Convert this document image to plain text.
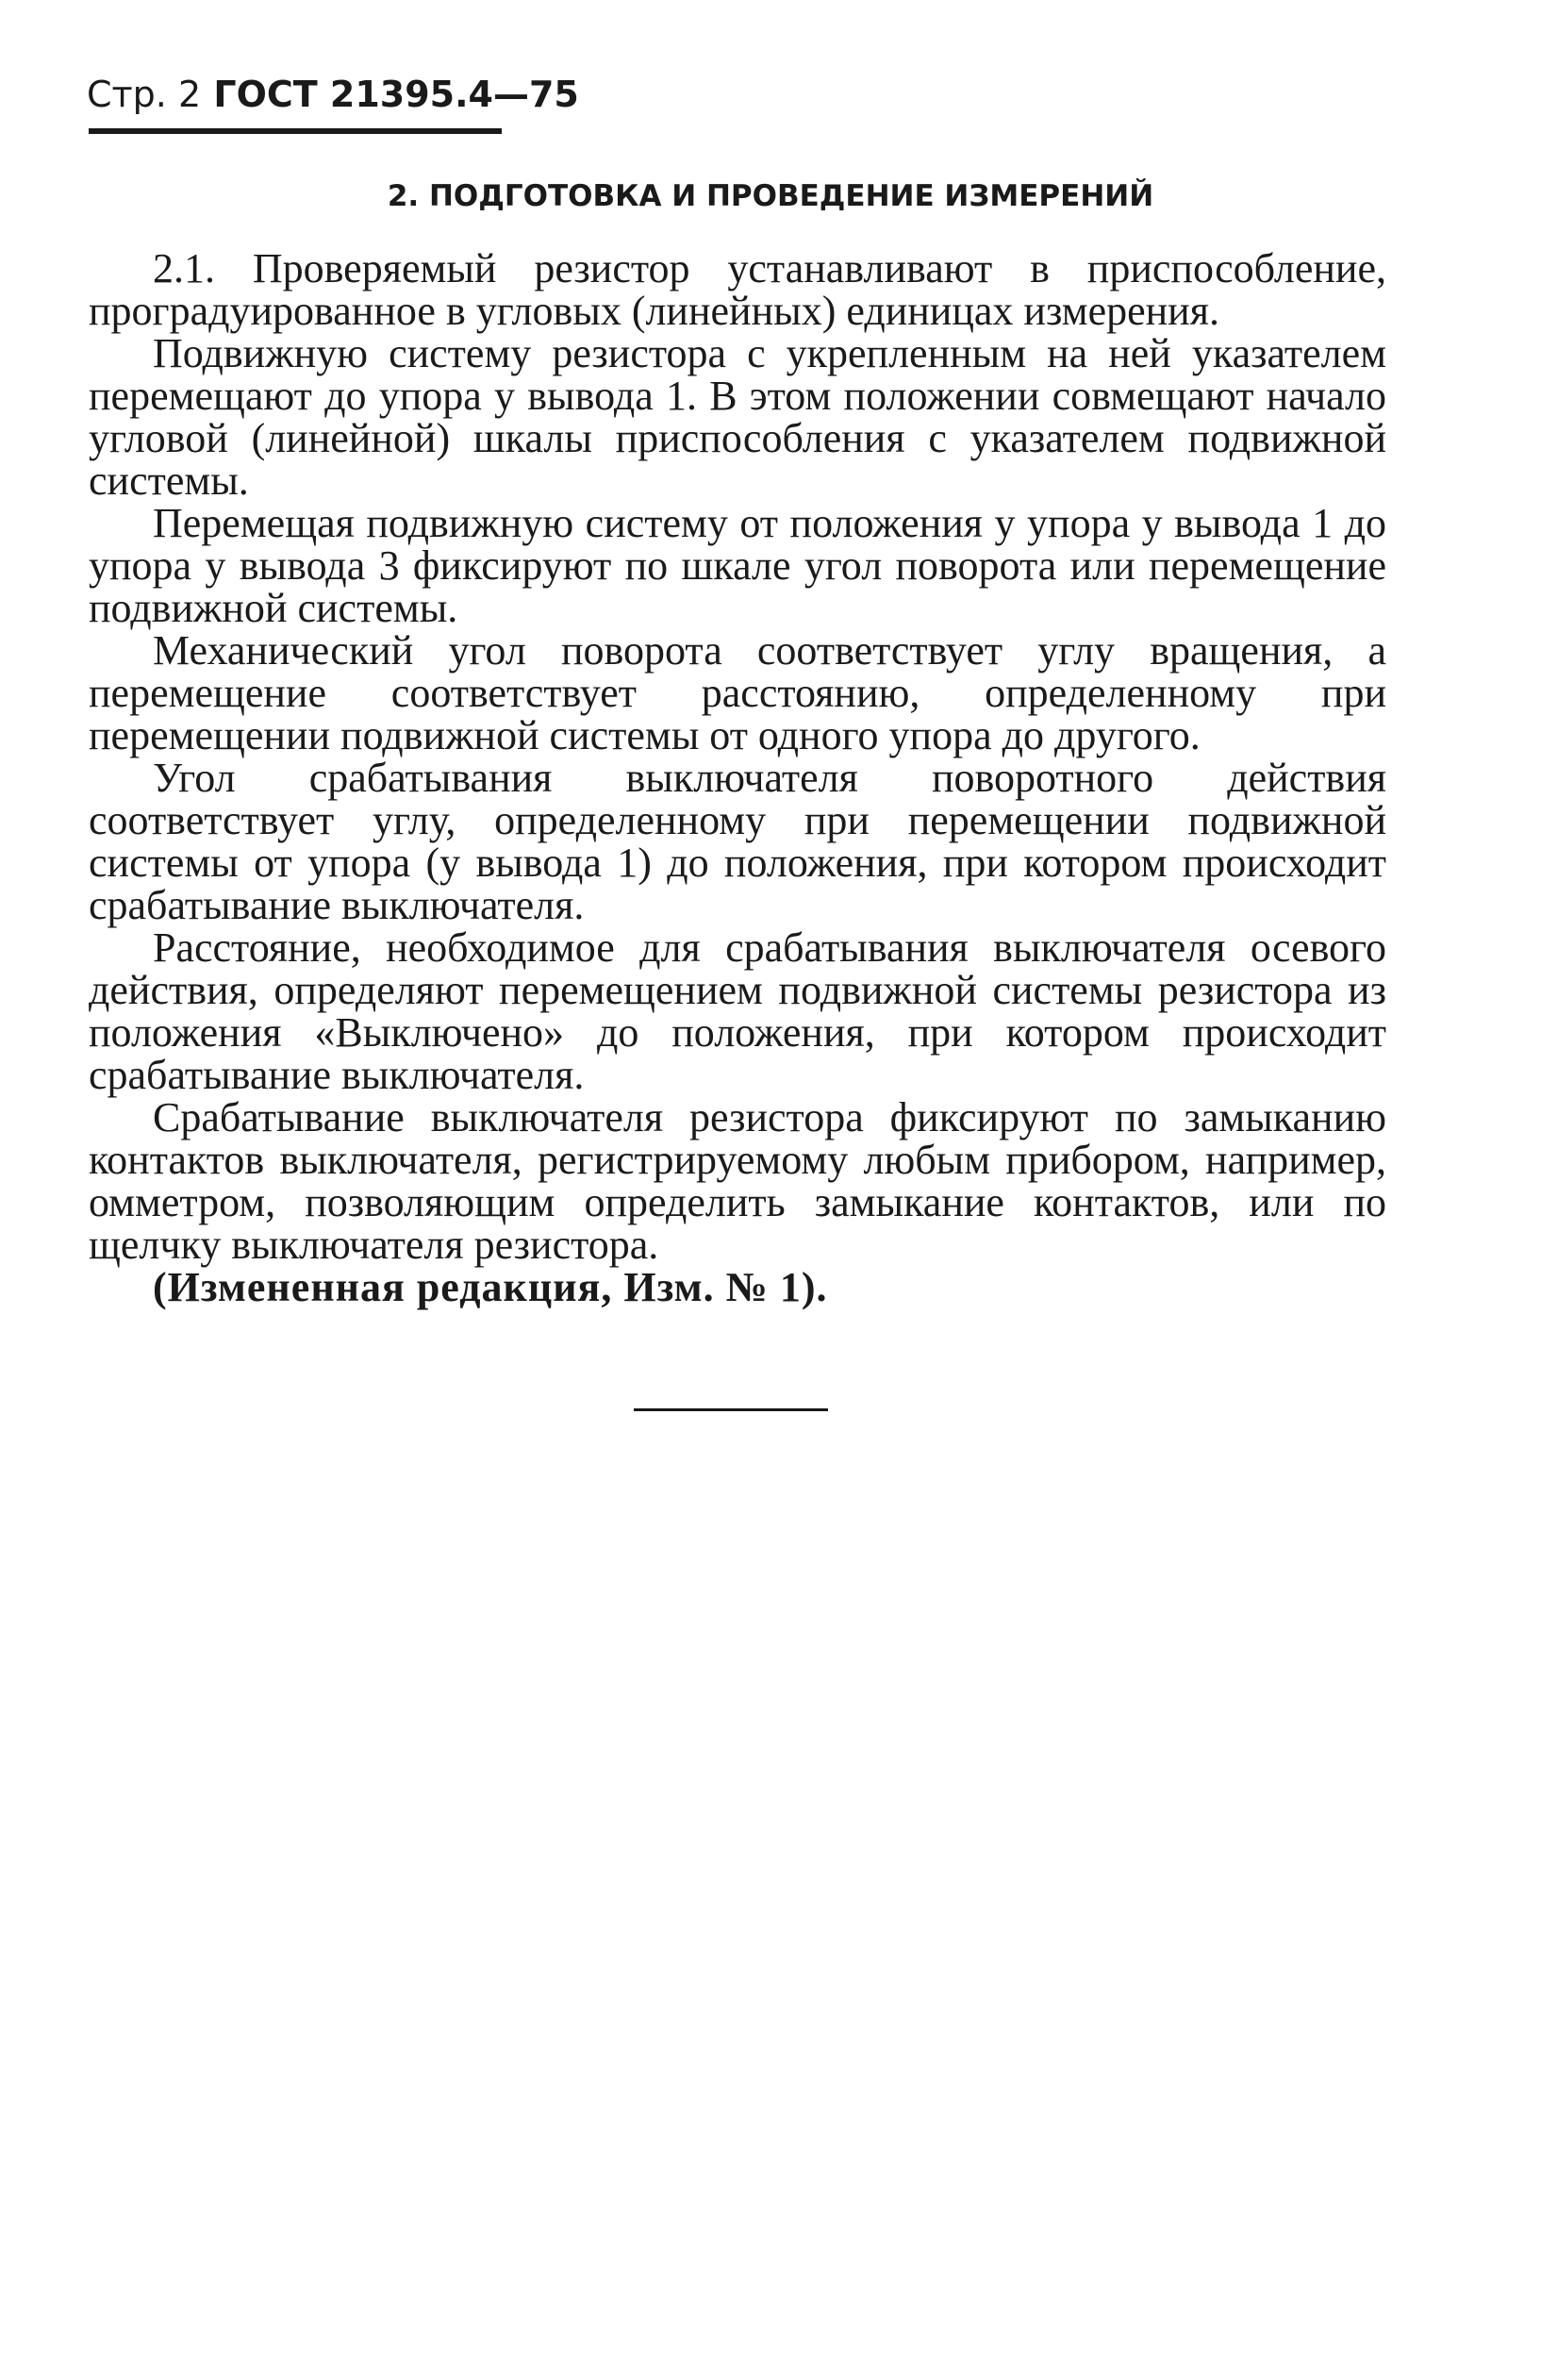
Стр. 2 ГОСТ 21395.4—75
2. ПОДГОТОВКА И ПРОВЕДЕНИЕ ИЗМЕРЕНИЙ

2.1. Проверяемый резистор устанавливают в приспособление, проградуированное в угловых (линейных) единицах измерения.

Подвижную систему резистора с укрепленным на ней указателем перемещают до упора у вывода 1. В этом положении совмещают начало угловой (линейной) шкалы приспособления с указателем подвижной системы.

Перемещая подвижную систему от положения у упора у вывода 1 до упора у вывода 3 фиксируют по шкале угол поворота или перемещение подвижной системы.

Механический угол поворота соответствует углу вращения, а перемещение соответствует расстоянию, определенному при перемещении подвижной системы от одного упора до другого.

Угол срабатывания выключателя поворотного действия соответствует углу, определенному при перемещении подвижной системы от упора (у вывода 1) до положения, при котором происходит срабатывание выключателя.

Расстояние, необходимое для срабатывания выключателя осевого действия, определяют перемещением подвижной системы резистора из положения «Выключено» до положения, при котором происходит срабатывание выключателя.

Срабатывание выключателя резистора фиксируют по замыканию контактов выключателя, регистрируемому любым прибором, например, омметром, позволяющим определить замыкание контактов, или по щелчку выключателя резистора.

(Измененная редакция, Изм. № 1).
